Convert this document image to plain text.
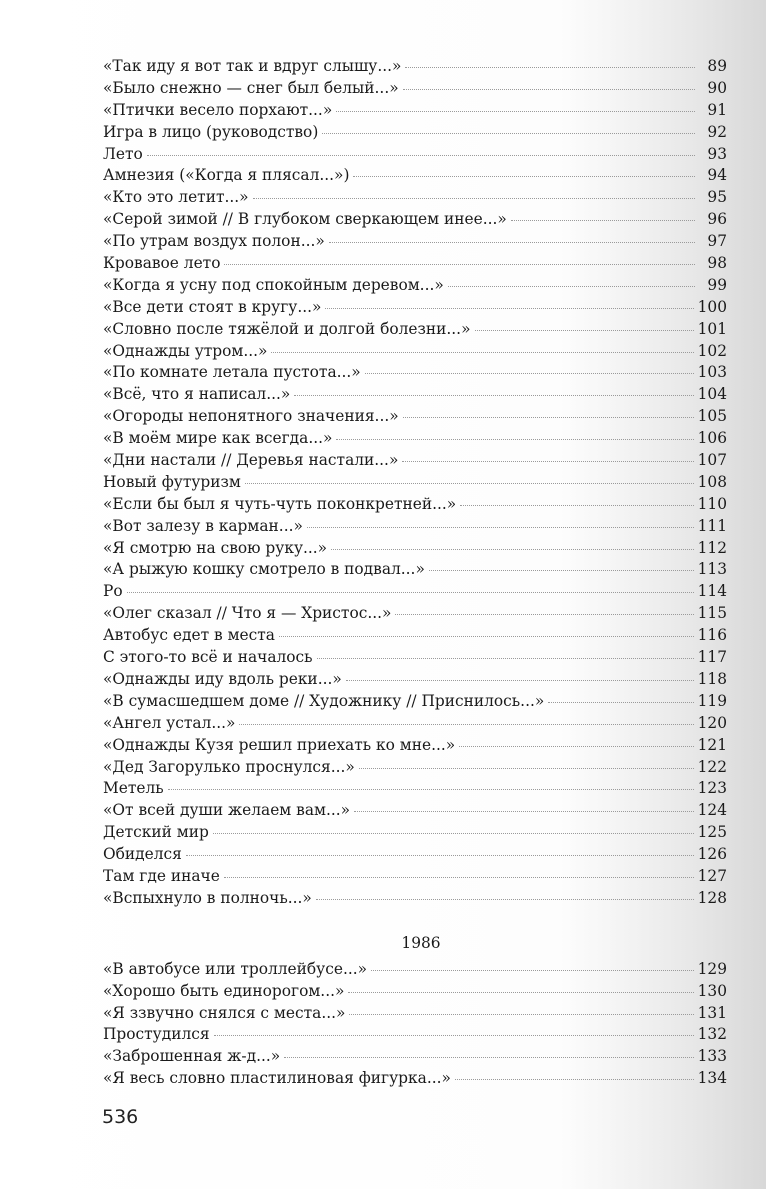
«Так иду я вот так и вдруг слышу...»	89
«Было снежно — снег был белый...»	90
«Птички весело порхают...»	91
Игра в лицо (руководство)	92
Лето	93
Амнезия («Когда я плясал...»)	94
«Кто это летит...»	95
«Серой зимой // В глубоком сверкающем инее...»	96
«По утрам воздух полон...»	97
Кровавое лето	98
«Когда я усну под спокойным деревом...»	99
«Все дети стоят в кругу...»	100
«Словно после тяжёлой и долгой болезни...»	101
«Однажды утром...»	102
«По комнате летала пустота...»	103
«Всё, что я написал...»	104
«Огороды непонятного значения...»	105
«В моём мире как всегда...»	106
«Дни настали // Деревья настали...»	107
Новый футуризм	108
«Если бы был я чуть-чуть поконкретней...»	110
«Вот залезу в карман...»	111
«Я смотрю на свою руку...»	112
«А рыжую кошку смотрело в подвал...»	113
Ро	114
«Олег сказал // Что я — Христос...»	115
Автобус едет в места	116
С этого-то всё и началось	117
«Однажды иду вдоль реки...»	118
«В сумасшедшем доме // Художнику // Приснилось...»	119
«Ангел устал...»	120
«Однажды Кузя решил приехать ко мне...»	121
«Дед Загорулько проснулся...»	122
Метель	123
«От всей души желаем вам...»	124
Детский мир	125
Обиделся	126
Там где иначе	127
«Вспыхнуло в полночь...»	128
1986
«В автобусе или троллейбусе...»	129
«Хорошо быть единорогом...»	130
«Я ззвучно снялся с места...»	131
Простудился	132
«Заброшенная ж-д...»	133
«Я весь словно пластилиновая фигурка...»	134
536
